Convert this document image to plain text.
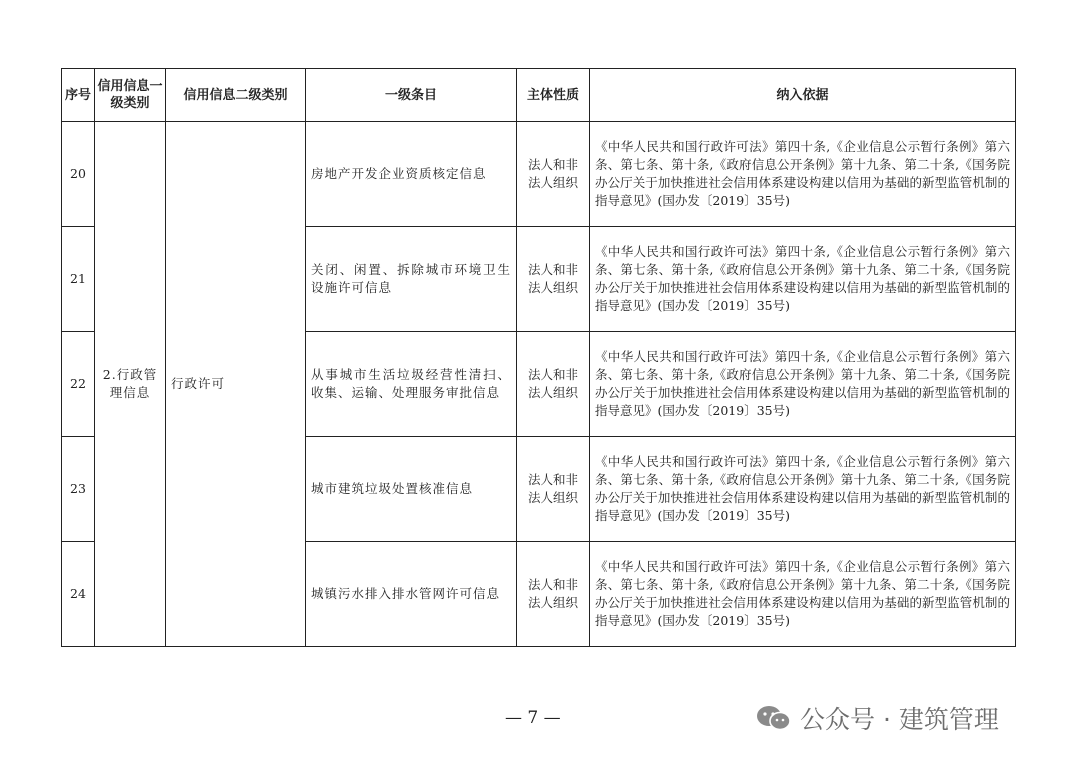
序号	信用信息一级类别	信用信息二级类别	一级条目	主体性质	纳入依据
20	2.行政管理信息	行政许可	房地产开发企业资质核定信息	法人和非法人组织	《中华人民共和国行政许可法》第四十条,《企业信息公示暂行条例》第六条、第七条、第十条,《政府信息公开条例》第十九条、第二十条,《国务院办公厅关于加快推进社会信用体系建设构建以信用为基础的新型监管机制的指导意见》(国办发〔2019〕35号)
21			关闭、闲置、拆除城市环境卫生设施许可信息	法人和非法人组织	《中华人民共和国行政许可法》第四十条,《企业信息公示暂行条例》第六条、第七条、第十条,《政府信息公开条例》第十九条、第二十条,《国务院办公厅关于加快推进社会信用体系建设构建以信用为基础的新型监管机制的指导意见》(国办发〔2019〕35号)
22			从事城市生活垃圾经营性清扫、收集、运输、处理服务审批信息	法人和非法人组织	《中华人民共和国行政许可法》第四十条,《企业信息公示暂行条例》第六条、第七条、第十条,《政府信息公开条例》第十九条、第二十条,《国务院办公厅关于加快推进社会信用体系建设构建以信用为基础的新型监管机制的指导意见》(国办发〔2019〕35号)
23			城市建筑垃圾处置核准信息	法人和非法人组织	《中华人民共和国行政许可法》第四十条,《企业信息公示暂行条例》第六条、第七条、第十条,《政府信息公开条例》第十九条、第二十条,《国务院办公厅关于加快推进社会信用体系建设构建以信用为基础的新型监管机制的指导意见》(国办发〔2019〕35号)
24			城镇污水排入排水管网许可信息	法人和非法人组织	《中华人民共和国行政许可法》第四十条,《企业信息公示暂行条例》第六条、第七条、第十条,《政府信息公开条例》第十九条、第二十条,《国务院办公厅关于加快推进社会信用体系建设构建以信用为基础的新型监管机制的指导意见》(国办发〔2019〕35号)
— 7 —	公众号 · 建筑管理
